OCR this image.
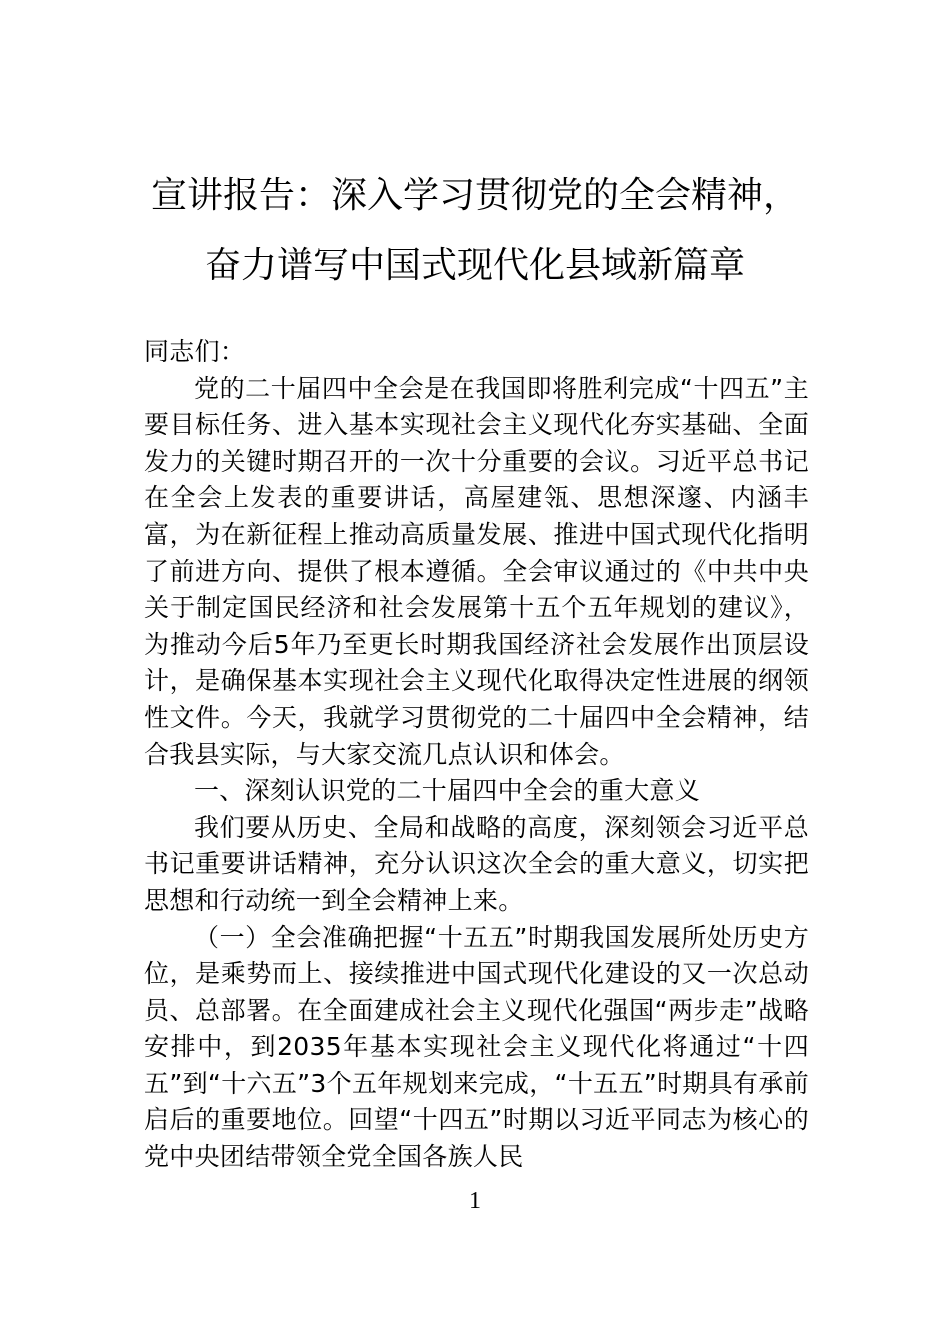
宣讲报告：深入学习贯彻党的全会精神，
奋力谱写中国式现代化县域新篇章

同志们：

党的二十届四中全会是在我国即将胜利完成“十四五”主要目标任务、进入基本实现社会主义现代化夯实基础、全面发力的关键时期召开的一次十分重要的会议。习近平总书记在全会上发表的重要讲话，高屋建瓴、思想深邃、内涵丰富，为在新征程上推动高质量发展、推进中国式现代化指明了前进方向、提供了根本遵循。全会审议通过的《中共中央关于制定国民经济和社会发展第十五个五年规划的建议》，为推动今后5年乃至更长时期我国经济社会发展作出顶层设计，是确保基本实现社会主义现代化取得决定性进展的纲领性文件。今天，我就学习贯彻党的二十届四中全会精神，结合我县实际，与大家交流几点认识和体会。

一、深刻认识党的二十届四中全会的重大意义

我们要从历史、全局和战略的高度，深刻领会习近平总书记重要讲话精神，充分认识这次全会的重大意义，切实把思想和行动统一到全会精神上来。

（一）全会准确把握“十五五”时期我国发展所处历史方位，是乘势而上、接续推进中国式现代化建设的又一次总动员、总部署。在全面建成社会主义现代化强国“两步走”战略安排中，到2035年基本实现社会主义现代化将通过“十四五”到“十六五”3个五年规划来完成，“十五五”时期具有承前启后的重要地位。回望“十四五”时期以习近平同志为核心的党中央团结带领全党全国各族人民

1
